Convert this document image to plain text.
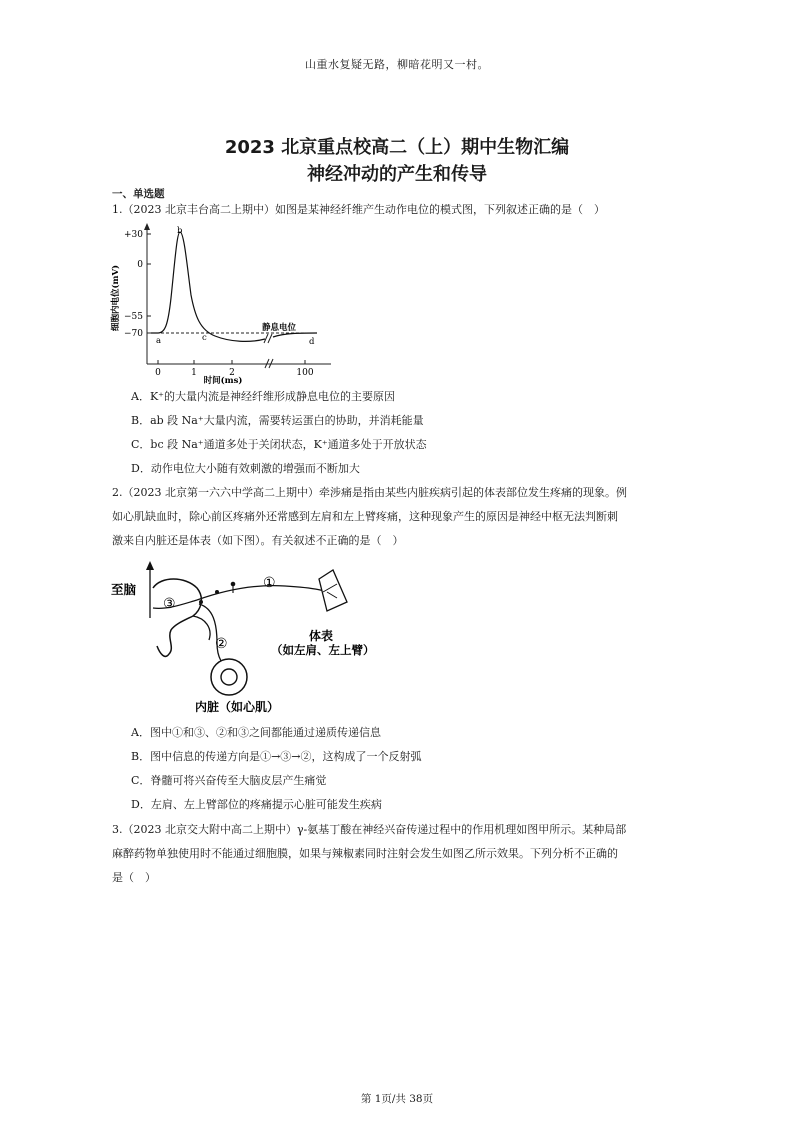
山重水复疑无路，柳暗花明又一村。
2023 北京重点校高二（上）期中生物汇编
神经冲动的产生和传导
一、单选题
1.（2023 北京丰台高二上期中）如图是某神经纤维产生动作电位的模式图，下列叙述正确的是（　）
+30
0
−55
−70
细胞内电位(mV)
0	1	2	100
时间(ms)
a
b
c	d
静息电位
A．K⁺的大量内流是神经纤维形成静息电位的主要原因
B．ab 段 Na⁺大量内流，需要转运蛋白的协助，并消耗能量
C．bc 段 Na⁺通道多处于关闭状态，K⁺通道多处于开放状态
D．动作电位大小随有效刺激的增强而不断加大
2.（2023 北京第一六六中学高二上期中）牵涉痛是指由某些内脏疾病引起的体表部位发生疼痛的现象。例
如心肌缺血时，除心前区疼痛外还常感到左肩和左上臂疼痛，这种现象产生的原因是神经中枢无法判断刺
激来自内脏还是体表（如下图）。有关叙述不正确的是（　）
至脑
③
①
②	体表
（如左肩、左上臂）
内脏（如心肌）
A．图中①和③、②和③之间都能通过递质传递信息
B．图中信息的传递方向是①→③→②，这构成了一个反射弧
C．脊髓可将兴奋传至大脑皮层产生痛觉
D．左肩、左上臂部位的疼痛提示心脏可能发生疾病
3.（2023 北京交大附中高二上期中）γ-氨基丁酸在神经兴奋传递过程中的作用机理如图甲所示。某种局部
麻醉药物单独使用时不能通过细胞膜，如果与辣椒素同时注射会发生如图乙所示效果。下列分析不正确的
是（　）
第 1页/共 38页
